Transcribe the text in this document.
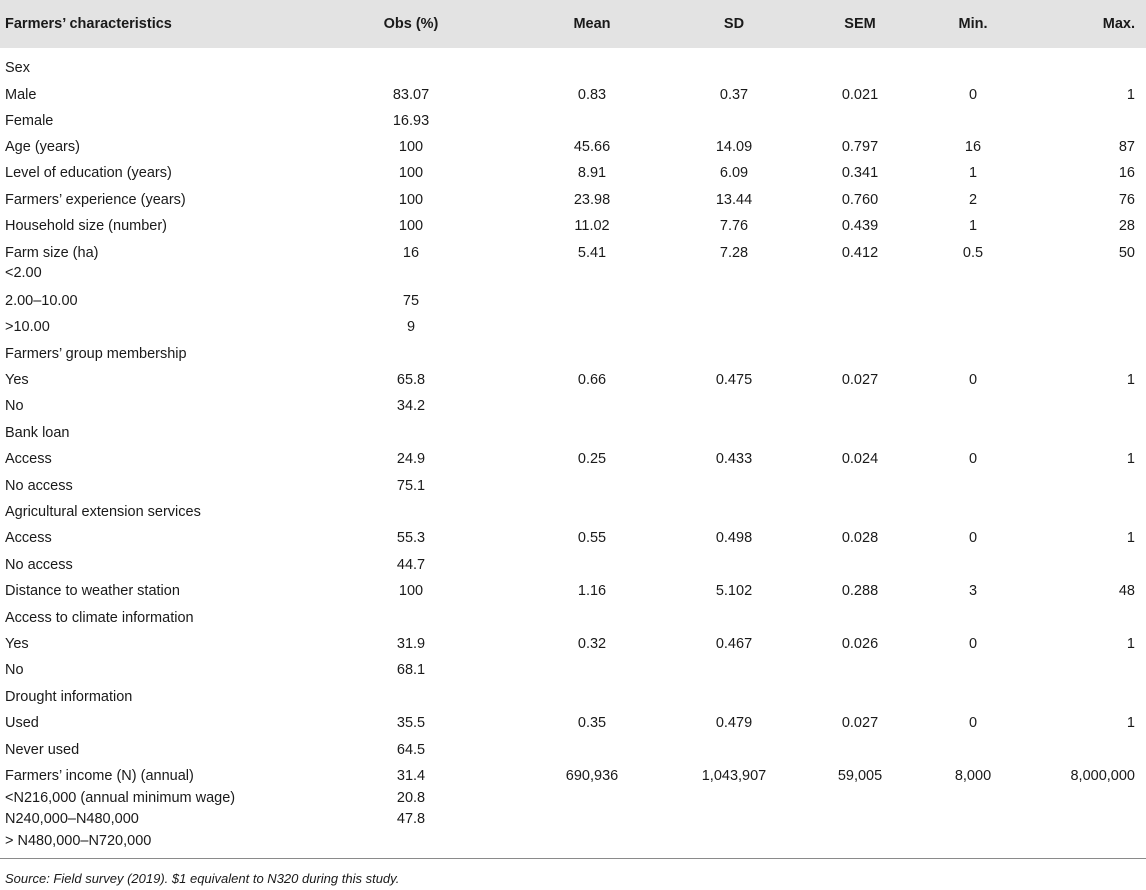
Farmers’ characteristics	Obs (%)	Mean	SD	SEM	Min.	Max.
Sex
Male	83.07	0.83	0.37	0.021	0	1
Female	16.93
Age (years)	100	45.66	14.09	0.797	16	87
Level of education (years)	100	8.91	6.09	0.341	1	16
Farmers’ experience (years)	100	23.98	13.44	0.760	2	76
Household size (number)	100	11.02	7.76	0.439	1	28
Farm size (ha)	16	5.41	7.28	0.412	0.5	50
<2.00
2.00–10.00	75
>10.00	9
Farmers’ group membership
Yes	65.8	0.66	0.475	0.027	0	1
No	34.2
Bank loan
Access	24.9	0.25	0.433	0.024	0	1
No access	75.1
Agricultural extension services
Access	55.3	0.55	0.498	0.028	0	1
No access	44.7
Distance to weather station	100	1.16	5.102	0.288	3	48
Access to climate information
Yes	31.9	0.32	0.467	0.026	0	1
No	68.1
Drought information
Used	35.5	0.35	0.479	0.027	0	1
Never used	64.5
Farmers’ income (N) (annual)	31.4	690,936	1,043,907	59,005	8,000	8,000,000
<N216,000 (annual minimum wage)	20.8
N240,000–N480,000	47.8
> N480,000–N720,000
Source: Field survey (2019). $1 equivalent to N320 during this study.
